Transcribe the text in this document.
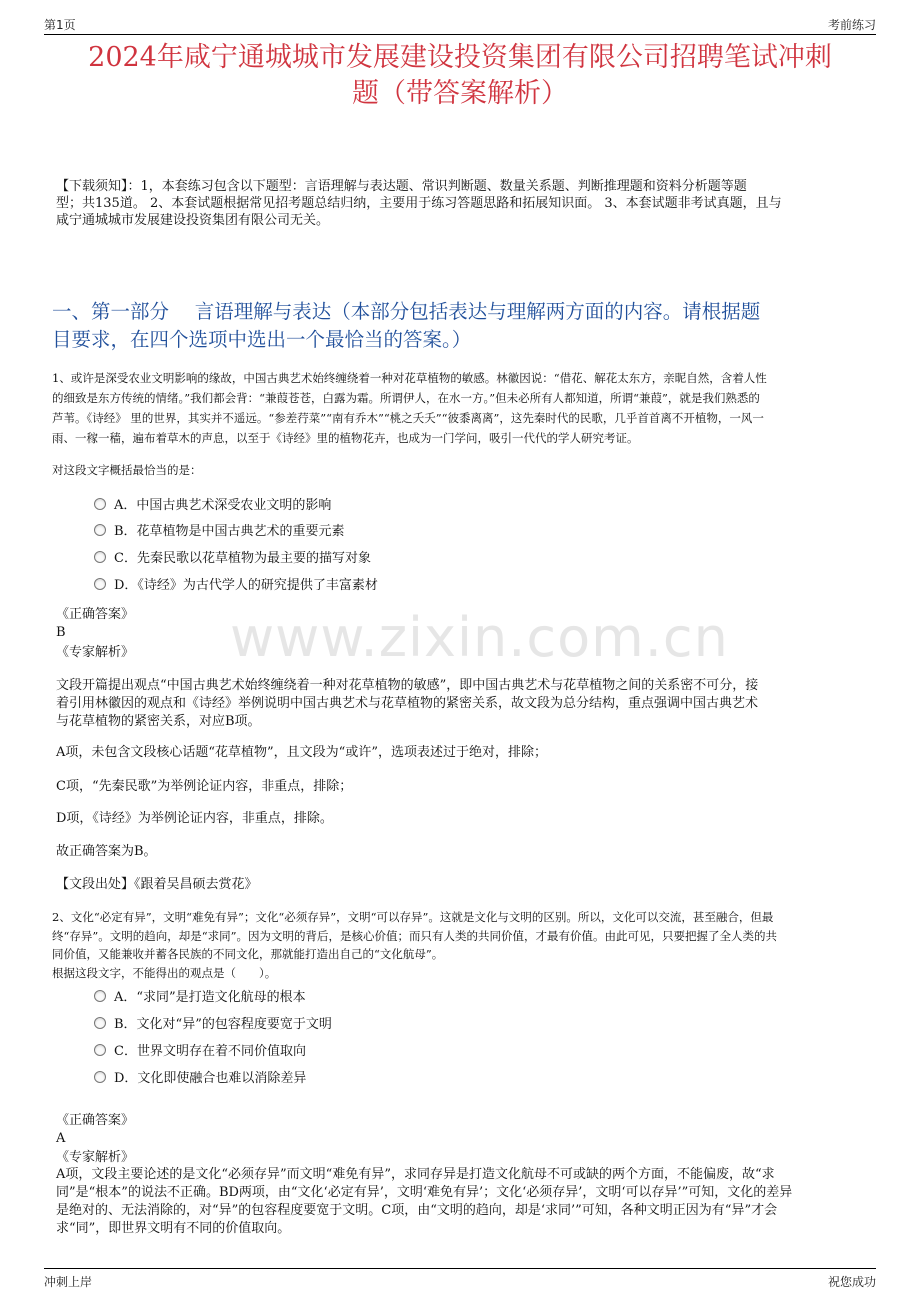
第1页	考前练习
2024年咸宁通城城市发展建设投资集团有限公司招聘笔试冲刺
题（带答案解析）
【下载须知】：1，本套练习包含以下题型：言语理解与表达题、常识判断题、数量关系题、判断推理题和资料分析题等题
型；共135道。 2、本套试题根据常见招考题总结归纳，主要用于练习答题思路和拓展知识面。 3、本套试题非考试真题，且与
咸宁通城城市发展建设投资集团有限公司无关。
一、第一部分　 言语理解与表达（本部分包括表达与理解两方面的内容。请根据题
目要求，在四个选项中选出一个最恰当的答案。）
1、或许是深受农业文明影响的缘故，中国古典艺术始终缠绕着一种对花草植物的敏感。林徽因说：“借花、解花太东方，亲昵自然，含着人性
的细致是东方传统的情绪。”我们都会背：“兼葭苍苍，白露为霜。所谓伊人，在水一方。”但未必所有人都知道，所谓“兼葭”，就是我们熟悉的
芦苇。《诗经》 里的世界，其实并不遥远。“参差荇菜”“南有乔木”“桃之夭夭”“彼黍离离”，这先秦时代的民歌，几乎首首离不开植物，一风一
雨、一稼一穑，遍布着草木的声息，以至于《诗经》里的植物花卉，也成为一门学问，吸引一代代的学人研究考证。
对这段文字概括最恰当的是：
A．中国古典艺术深受农业文明的影响
B．花草植物是中国古典艺术的重要元素
C．先秦民歌以花草植物为最主要的描写对象
D．《诗经》为古代学人的研究提供了丰富素材
《正确答案》
B
《专家解析》 www.zixin.com.cn
文段开篇提出观点“中国古典艺术始终缠绕着一种对花草植物的敏感”，即中国古典艺术与花草植物之间的关系密不可分，接
着引用林徽因的观点和《诗经》举例说明中国古典艺术与花草植物的紧密关系，故文段为总分结构，重点强调中国古典艺术
与花草植物的紧密关系，对应B项。
A项，未包含文段核心话题“花草植物”，且文段为“或许”，选项表述过于绝对，排除；
C项，“先秦民歌”为举例论证内容，非重点，排除；
D项，《诗经》为举例论证内容，非重点，排除。
故正确答案为B。
【文段出处】《跟着吴昌硕去赏花》
2、文化“必定有异”，文明“难免有异”；文化“必须存异”，文明“可以存异”。这就是文化与文明的区别。所以，文化可以交流，甚至融合，但最
终“存异”。文明的趋向，却是“求同”。因为文明的背后，是核心价值；而只有人类的共同价值，才最有价值。由此可见，只要把握了全人类的共
同价值，又能兼收并蓄各民族的不同文化，那就能打造出自己的“文化航母”。
根据这段文字，不能得出的观点是（　　）。
A．“求同”是打造文化航母的根本
B．文化对“异”的包容程度要宽于文明
C．世界文明存在着不同价值取向
D．文化即使融合也难以消除差异
《正确答案》
A
《专家解析》
A项，文段主要论述的是文化“必须存异”而文明“难免有异”，求同存异是打造文化航母不可或缺的两个方面，不能偏废，故“求
同”是“根本”的说法不正确。BD两项，由“文化‘必定有异’，文明‘难免有异’；文化‘必须存异’，文明‘可以存异’”可知，文化的差异
是绝对的、无法消除的，对“异”的包容程度要宽于文明。C项，由“文明的趋向，却是‘求同’”可知，各种文明正因为有“异”才会
求“同”，即世界文明有不同的价值取向。
冲刺上岸	祝您成功
